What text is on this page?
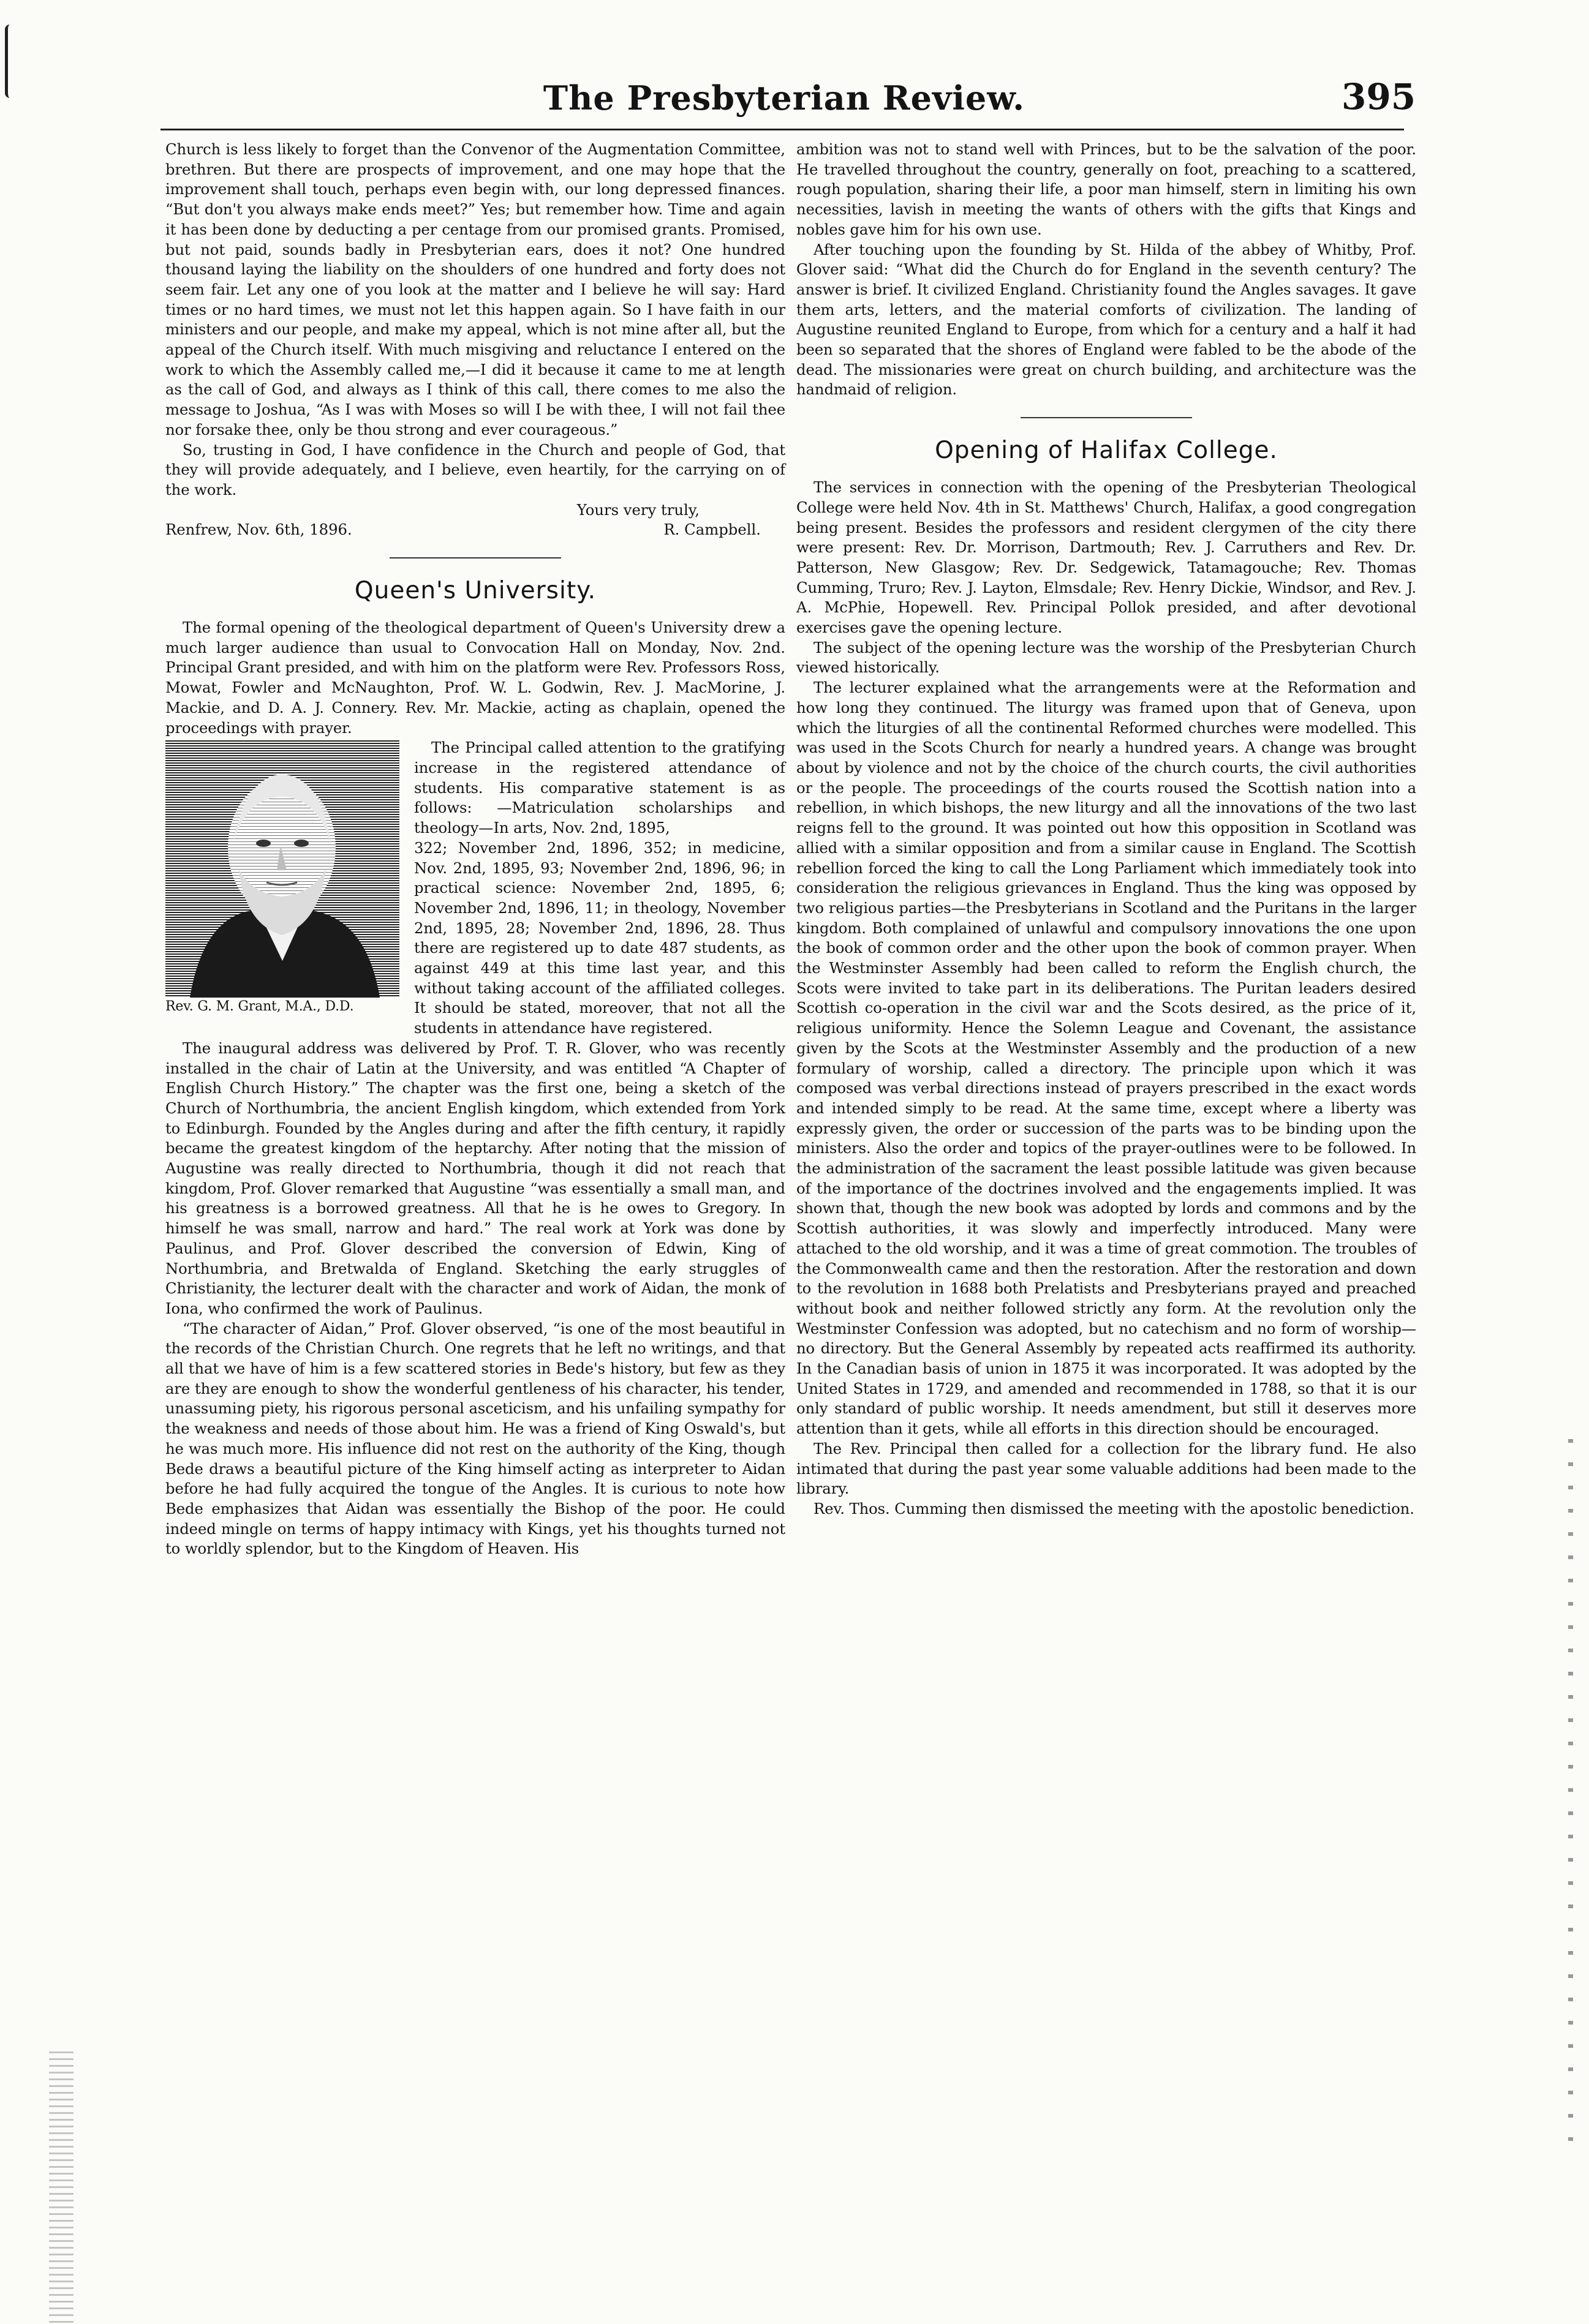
The Presbyterian Review.	395

Church is less likely to forget than the Convenor of the Augmentation Committee, brethren. But there are prospects of improvement, and one may hope that the improvement shall touch, perhaps even begin with, our long depressed finances. “But don't you always make ends meet?” Yes; but remember how. Time and again it has been done by deducting a per centage from our promised grants. Promised, but not paid, sounds badly in Presbyterian ears, does it not? One hundred thousand laying the liability on the shoulders of one hundred and forty does not seem fair. Let any one of you look at the matter and I believe he will say: Hard times or no hard times, we must not let this happen again. So I have faith in our ministers and our people, and make my appeal, which is not mine after all, but the appeal of the Church itself. With much misgiving and reluctance I entered on the work to which the Assembly called me,—I did it because it came to me at length as the call of God, and always as I think of this call, there comes to me also the message to Joshua, “As I was with Moses so will I be with thee, I will not fail thee nor forsake thee, only be thou strong and ever courageous.”

So, trusting in God, I have confidence in the Church and people of God, that they will provide adequately, and I believe, even heartily, for the carrying on of the work.

Yours very truly,
Renfrew, Nov. 6th, 1896.	R. Campbell.
Queen's University.

The formal opening of the theological department of Queen's University drew a much larger audience than usual to Convocation Hall on Monday, Nov. 2nd. Principal Grant presided, and with him on the platform were Rev. Professors Ross, Mowat, Fowler and McNaughton, Prof. W. L. Godwin, Rev. J. MacMorine, J. Mackie, and D. A. J. Connery. Rev. Mr. Mackie, acting as chaplain, opened the proceedings with prayer.

Rev. G. M. Grant, M.A., D.D.

The Principal called attention to the gratifying increase in the registered attendance of students. His comparative statement is as follows: —Matriculation scholarships and theology—In arts, Nov. 2nd, 1895,

322; November 2nd, 1896, 352; in medicine, Nov. 2nd, 1895, 93; November 2nd, 1896, 96; in practical science: November 2nd, 1895, 6; November 2nd, 1896, 11; in theology, November 2nd, 1895, 28; November 2nd, 1896, 28. Thus there are registered up to date 487 students, as against 449 at this time last year, and this without taking account of the affiliated colleges. It should be stated, moreover, that not all the students in attendance have registered.

The inaugural address was delivered by Prof. T. R. Glover, who was recently installed in the chair of Latin at the University, and was entitled “A Chapter of English Church History.” The chapter was the first one, being a sketch of the Church of Northumbria, the ancient English kingdom, which extended from York to Edinburgh. Founded by the Angles during and after the fifth century, it rapidly became the greatest kingdom of the heptarchy. After noting that the mission of Augustine was really directed to Northumbria, though it did not reach that kingdom, Prof. Glover remarked that Augustine “was essentially a small man, and his greatness is a borrowed greatness. All that he is he owes to Gregory. In himself he was small, narrow and hard.” The real work at York was done by Paulinus, and Prof. Glover described the conversion of Edwin, King of Northumbria, and Bretwalda of England. Sketching the early struggles of Christianity, the lecturer dealt with the character and work of Aidan, the monk of Iona, who confirmed the work of Paulinus.

“The character of Aidan,” Prof. Glover observed, “is one of the most beautiful in the records of the Christian Church. One regrets that he left no writings, and that all that we have of him is a few scattered stories in Bede's history, but few as they are they are enough to show the wonderful gentleness of his character, his tender, unassuming piety, his rigorous personal asceticism, and his unfailing sympathy for the weakness and needs of those about him. He was a friend of King Oswald's, but he was much more. His influence did not rest on the authority of the King, though Bede draws a beautiful picture of the King himself acting as interpreter to Aidan before he had fully acquired the tongue of the Angles. It is curious to note how Bede emphasizes that Aidan was essentially the Bishop of the poor. He could indeed mingle on terms of happy intimacy with Kings, yet his thoughts turned not to worldly splendor, but to the Kingdom of Heaven. His

ambition was not to stand well with Princes, but to be the salvation of the poor. He travelled throughout the country, generally on foot, preaching to a scattered, rough population, sharing their life, a poor man himself, stern in limiting his own necessities, lavish in meeting the wants of others with the gifts that Kings and nobles gave him for his own use.

After touching upon the founding by St. Hilda of the abbey of Whitby, Prof. Glover said: “What did the Church do for England in the seventh century? The answer is brief. It civilized England. Christianity found the Angles savages. It gave them arts, letters, and the material comforts of civilization. The landing of Augustine reunited England to Europe, from which for a century and a half it had been so separated that the shores of England were fabled to be the abode of the dead. The missionaries were great on church building, and architecture was the handmaid of religion.

Opening of Halifax College.

The services in connection with the opening of the Presbyterian Theological College were held Nov. 4th in St. Matthews' Church, Halifax, a good congregation being present. Besides the professors and resident clergymen of the city there were present: Rev. Dr. Morrison, Dartmouth; Rev. J. Carruthers and Rev. Dr. Patterson, New Glasgow; Rev. Dr. Sedgewick, Tatamagouche; Rev. Thomas Cumming, Truro; Rev. J. Layton, Elmsdale; Rev. Henry Dickie, Windsor, and Rev. J. A. McPhie, Hopewell. Rev. Principal Pollok presided, and after devotional exercises gave the opening lecture.

The subject of the opening lecture was the worship of the Presbyterian Church viewed historically.

The lecturer explained what the arrangements were at the Reformation and how long they continued. The liturgy was framed upon that of Geneva, upon which the liturgies of all the continental Reformed churches were modelled. This was used in the Scots Church for nearly a hundred years. A change was brought about by violence and not by the choice of the church courts, the civil authorities or the people. The proceedings of the courts roused the Scottish nation into a rebellion, in which bishops, the new liturgy and all the innovations of the two last reigns fell to the ground. It was pointed out how this opposition in Scotland was allied with a similar opposition and from a similar cause in England. The Scottish rebellion forced the king to call the Long Parliament which immediately took into consideration the religious grievances in England. Thus the king was opposed by two religious parties—the Presbyterians in Scotland and the Puritans in the larger kingdom. Both complained of unlawful and compulsory innovations the one upon the book of common order and the other upon the book of common prayer. When the Westminster Assembly had been called to reform the English church, the Scots were invited to take part in its deliberations. The Puritan leaders desired Scottish co-operation in the civil war and the Scots desired, as the price of it, religious uniformity. Hence the Solemn League and Covenant, the assistance given by the Scots at the Westminster Assembly and the production of a new formulary of worship, called a directory. The principle upon which it was composed was verbal directions instead of prayers prescribed in the exact words and intended simply to be read. At the same time, except where a liberty was expressly given, the order or succession of the parts was to be binding upon the ministers. Also the order and topics of the prayer-outlines were to be followed. In the administration of the sacrament the least possible latitude was given because of the importance of the doctrines involved and the engagements implied. It was shown that, though the new book was adopted by lords and commons and by the Scottish authorities, it was slowly and imperfectly introduced. Many were attached to the old worship, and it was a time of great commotion. The troubles of the Commonwealth came and then the restoration. After the restoration and down to the revolution in 1688 both Prelatists and Presbyterians prayed and preached without book and neither followed strictly any form. At the revolution only the Westminster Confession was adopted, but no catechism and no form of worship—no directory. But the General Assembly by repeated acts reaffirmed its authority. In the Canadian basis of union in 1875 it was incorporated. It was adopted by the United States in 1729, and amended and recommended in 1788, so that it is our only standard of public worship. It needs amendment, but still it deserves more attention than it gets, while all efforts in this direction should be encouraged.

The Rev. Principal then called for a collection for the library fund. He also intimated that during the past year some valuable additions had been made to the library.

Rev. Thos. Cumming then dismissed the meeting with the apostolic benediction.
